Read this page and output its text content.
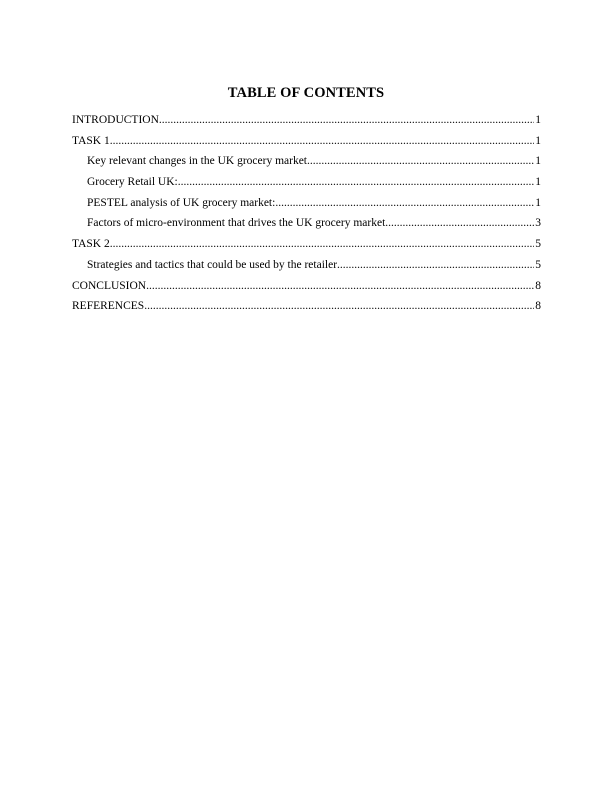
TABLE OF CONTENTS
INTRODUCTION .....	1
TASK 1 .....	1
Key relevant changes in the UK grocery market .....	1
Grocery Retail UK: .....	1
PESTEL analysis of UK grocery market: .....	1
Factors of micro-environment that drives the UK grocery market .....	3
TASK 2 .....	5
Strategies and tactics that could be used by the retailer .....	5
CONCLUSION .....	8
REFERENCES .....	8
